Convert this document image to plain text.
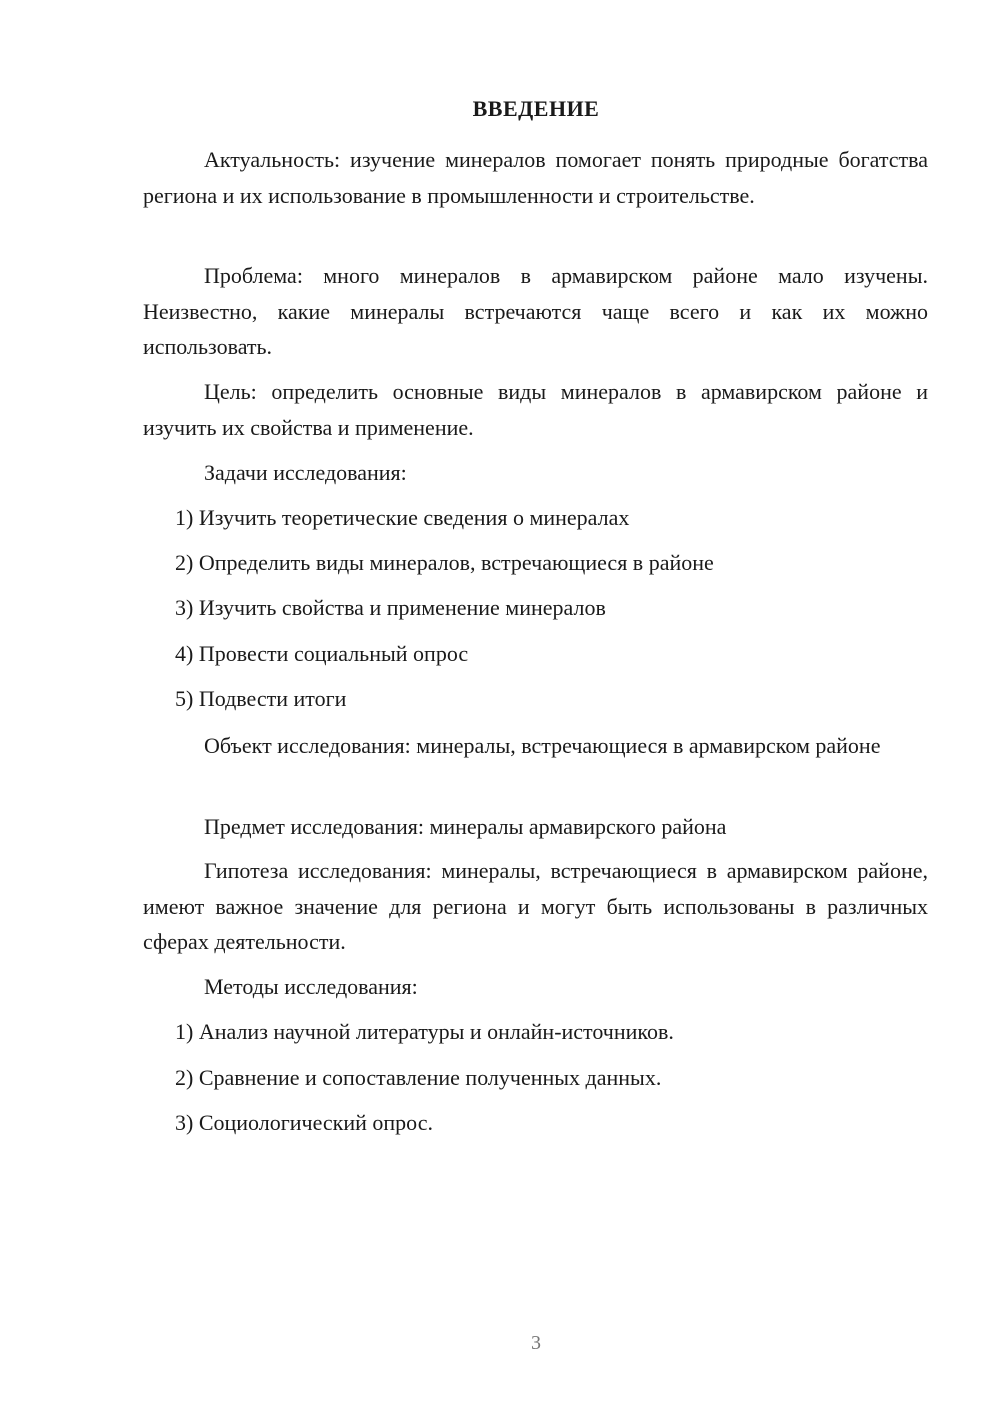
ВВЕДЕНИЕ
Актуальность: изучение минералов помогает понять природные богатства региона и их использование в промышленности и строительстве.
Проблема: много минералов в армавирском районе мало изучены. Неизвестно, какие минералы встречаются чаще всего и как их можно использовать.
Цель: определить основные виды минералов в армавирском районе и изучить их свойства и применение.
Задачи исследования:
1) Изучить теоретические сведения о минералах
2) Определить виды минералов, встречающиеся в районе
3) Изучить свойства и применение минералов
4) Провести социальный опрос
5) Подвести итоги
Объект исследования: минералы, встречающиеся в армавирском районе
Предмет исследования: минералы армавирского района
Гипотеза исследования: минералы, встречающиеся в армавирском районе, имеют важное значение для региона и могут быть использованы в различных сферах деятельности.
Методы исследования:
1) Анализ научной литературы и онлайн-источников.
2) Сравнение и сопоставление полученных данных.
3) Социологический опрос.
3
